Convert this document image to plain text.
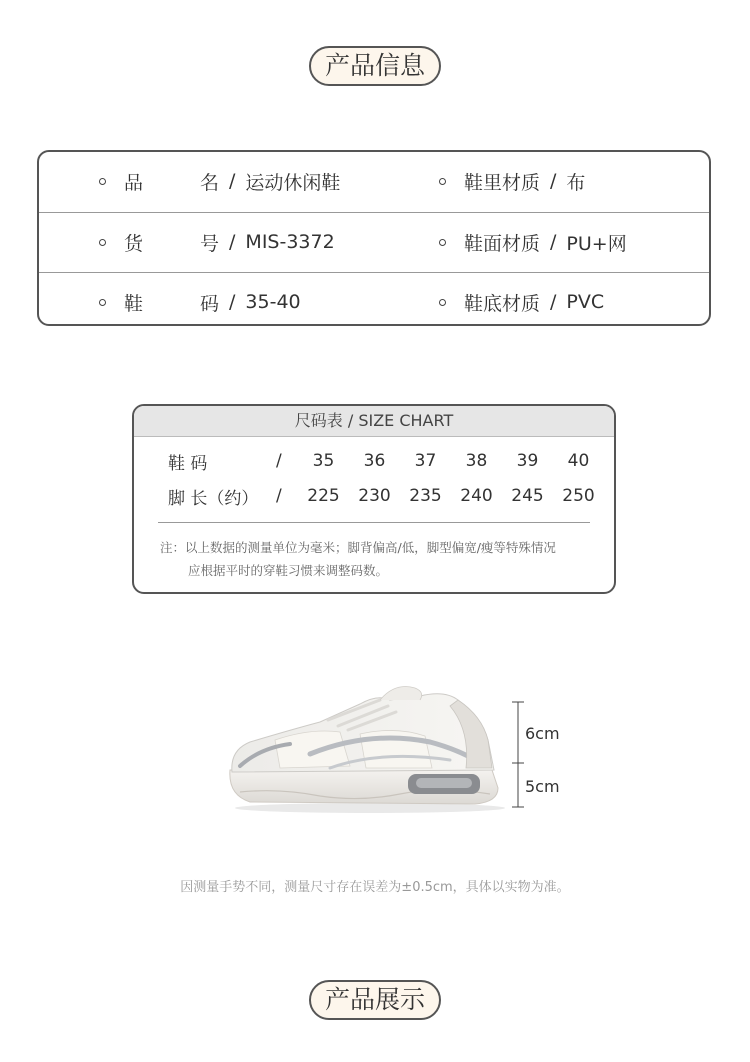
产品信息
品　　　名 / 运动休闲鞋	鞋里材质 / 布
货　　　号 / MIS-3372	鞋面材质 / PU+网
鞋　　　码 / 35-40	鞋底材质 / PVC
尺码表 / SIZE CHART
鞋 码	/	35	36	37	38	39	40
脚 长（约）	/	225	230	235	240	245	250
注：以上数据的测量单位为毫米；脚背偏高/低，脚型偏宽/瘦等特殊情况
应根据平时的穿鞋习惯来调整码数。
6cm
5cm
因测量手势不同，测量尺寸存在误差为±0.5cm，具体以实物为准。
产品展示
